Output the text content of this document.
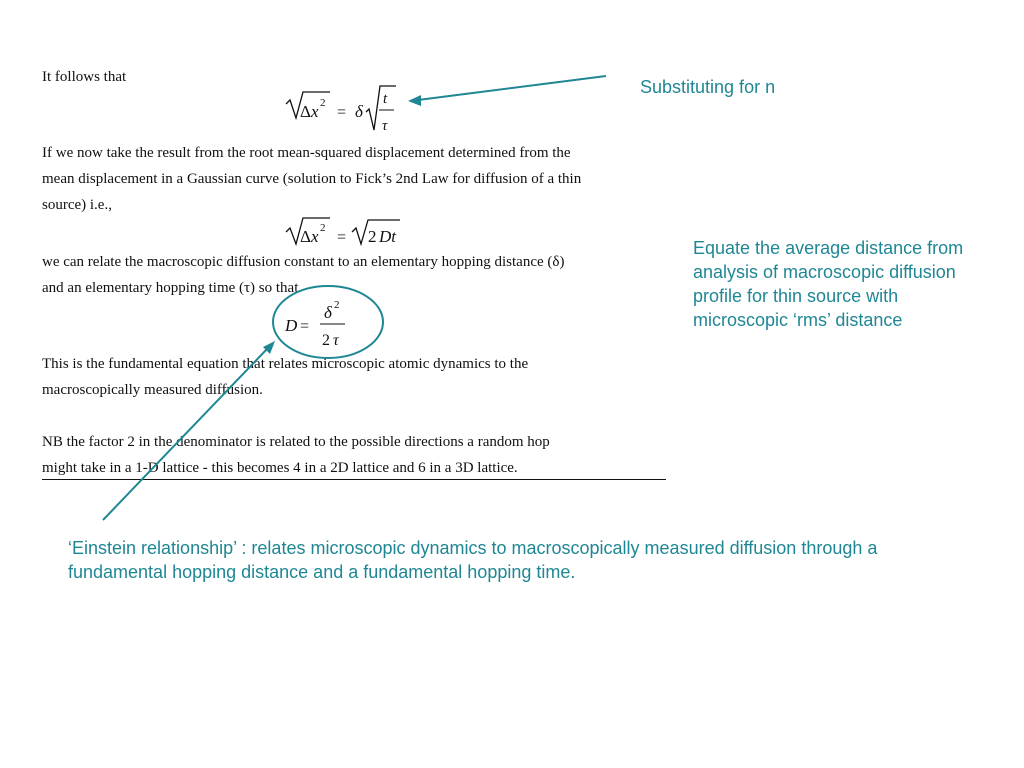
It follows that
If we now take the result from the root mean-squared displacement determined from the
mean displacement in a Gaussian curve (solution to Fick’s 2nd Law for diffusion of a thin
source) i.e.,
we can relate the macroscopic diffusion constant to an elementary hopping distance (δ)
and an elementary hopping time (τ) so that
This is the fundamental equation that relates microscopic atomic dynamics to the
macroscopically measured diffusion.
NB the factor 2 in the denominator is related to the possible directions a random hop
might take in a 1-D lattice - this becomes 4 in a 2D lattice and 6 in a 3D lattice.
Δ x 2
= δ
t
τ
Δ x 2
= 2 Dt
D =
δ 2
2 τ
Substituting for n
Equate the average distance from
analysis of macroscopic diffusion
profile for thin source with
microscopic ‘rms’ distance
‘Einstein relationship’ : relates microscopic dynamics to macroscopically measured diffusion through a
fundamental hopping distance and a fundamental hopping time.
